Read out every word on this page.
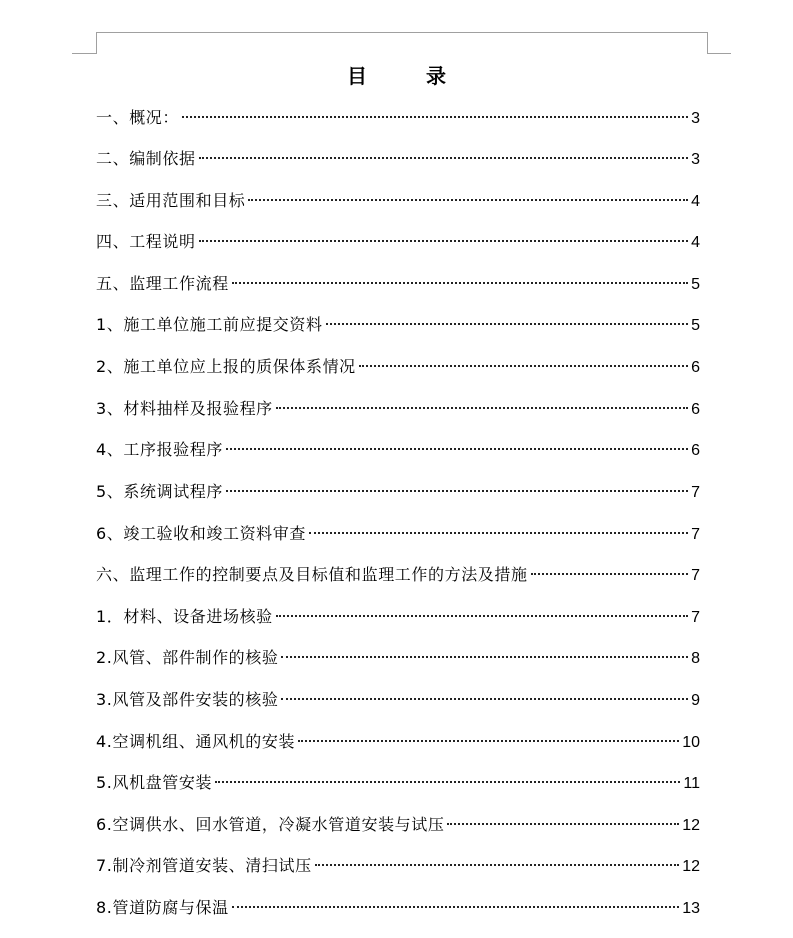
目 录
一、概况：	3
二、编制依据	3
三、适用范围和目标	4
四、工程说明	4
五、监理工作流程	5
1、施工单位施工前应提交资料	5
2、施工单位应上报的质保体系情况	6
3、材料抽样及报验程序	6
4、工序报验程序	6
5、系统调试程序	7
6、竣工验收和竣工资料审查	7
六、监理工作的控制要点及目标值和监理工作的方法及措施	7
1．材料、设备进场核验	7
2.风管、部件制作的核验	8
3.风管及部件安装的核验	9
4.空调机组、通风机的安装	10
5.风机盘管安装	11
6.空调供水、回水管道，冷凝水管道安装与试压	12
7.制冷剂管道安装、清扫试压	12
8.管道防腐与保温	13
